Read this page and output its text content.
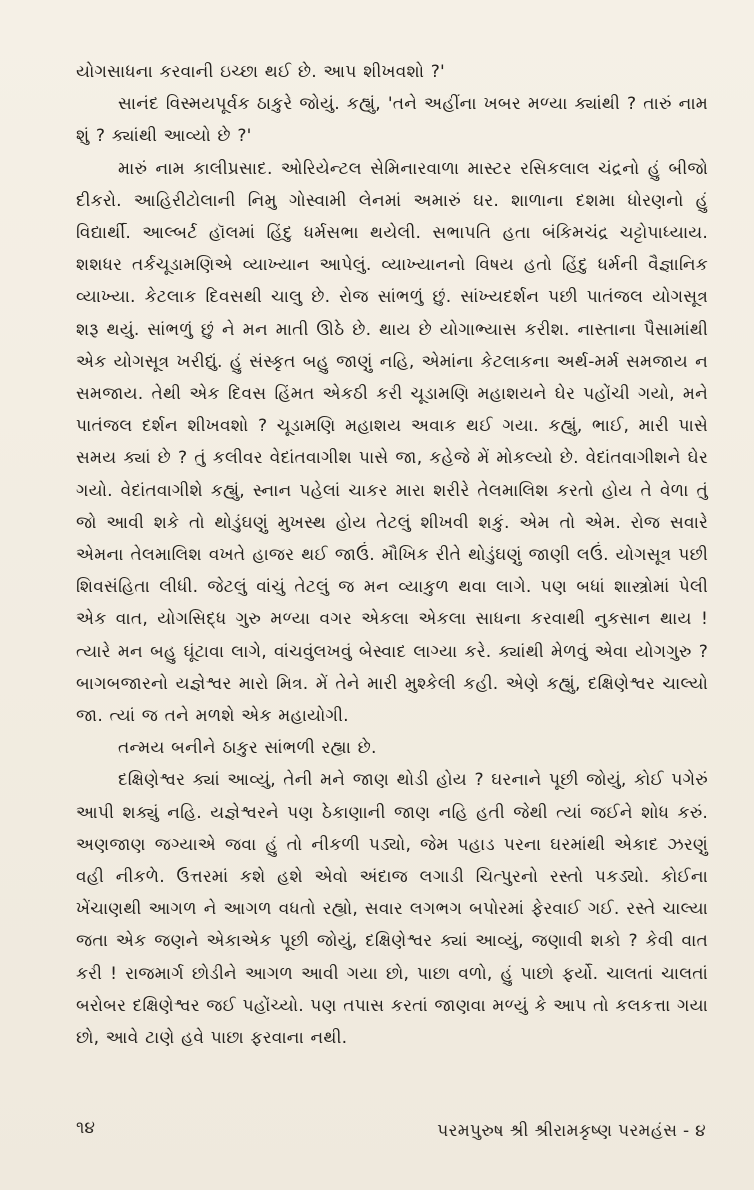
યોગસાધના કરવાની ઇચ્છા થઈ છે. આપ શીખવશો ?'

સાનંદ વિસ્મયપૂર્વક ઠાકુરે જોયું. કહ્યું, 'તને અહીંના ખબર મળ્યા ક્યાંથી ? તારું નામ શું ? ક્યાંથી આવ્યો છે ?'

મારું નામ કાલીપ્રસાદ. ઓરિયેન્ટલ સેમિનારવાળા માસ્ટર રસિકલાલ ચંદ્રનો હું બીજો દીકરો. આહિરીટોલાની નિમુ ગોસ્વામી લેનમાં અમારું ઘર. શાળાના દશમા ધોરણનો હું વિદ્યાર્થી. આલ્બર્ટ હૉલમાં હિંદુ ધર્મસભા થયેલી. સભાપતિ હતા બંકિમચંદ્ર ચટ્ટોપાધ્યાય. શશધર તર્કચૂડામણિએ વ્યાખ્યાન આપેલું. વ્યાખ્યાનનો વિષય હતો હિંદુ ધર્મની વૈજ્ઞાનિક વ્યાખ્યા. કેટલાક દિવસથી ચાલુ છે. રોજ સાંભળું છું. સાંખ્યદર્શન પછી પાતંજલ યોગસૂત્ર શરૂ થયું. સાંભળું છું ને મન માતી ઊઠે છે. થાય છે યોગાભ્યાસ કરીશ. નાસ્તાના પૈસામાંથી એક યોગસૂત્ર ખરીદ્યું. હું સંસ્કૃત બહુ જાણું નહિ, એમાંના કેટલાકના અર્થ-મર્મ સમજાય ન સમજાય. તેથી એક દિવસ હિંમત એકઠી કરી ચૂડામણિ મહાશયને ઘેર પહોંચી ગયો, મને પાતંજલ દર્શન શીખવશો ? ચૂડામણિ મહાશય અવાક થઈ ગયા. કહ્યું, ભાઈ, મારી પાસે સમય ક્યાં છે ? તું કલીવર વેદાંતવાગીશ પાસે જા, કહેજે મેં મોકલ્યો છે. વેદાંતવાગીશને ઘેર ગયો. વેદાંતવાગીશે કહ્યું, સ્નાન પહેલાં ચાકર મારા શરીરે તેલમાલિશ કરતો હોય તે વેળા તું જો આવી શકે તો થોડુંઘણું મુખસ્થ હોય તેટલું શીખવી શકું. એમ તો એમ. રોજ સવારે એમના તેલમાલિશ વખતે હાજર થઈ જાઉં. મૌખિક રીતે થોડુંઘણું જાણી લઉં. યોગસૂત્ર પછી શિવસંહિતા લીધી. જેટલું વાંચું તેટલું જ મન વ્યાકુળ થવા લાગે. પણ બધાં શાસ્ત્રોમાં પેલી એક વાત, યોગસિદ્ધ ગુરુ મળ્યા વગર એકલા એકલા સાધના કરવાથી નુકસાન થાય ! ત્યારે મન બહુ ઘૂંટાવા લાગે, વાંચવુંલખવું બેસ્વાદ લાગ્યા કરે. ક્યાંથી મેળવું એવા યોગગુરુ ? બાગબજારનો યજ્ઞેશ્વર મારો મિત્ર. મેં તેને મારી મુશ્કેલી કહી. એણે કહ્યું, દક્ષિણેશ્વર ચાલ્યો જા. ત્યાં જ તને મળશે એક મહાયોગી.

તન્મય બનીને ઠાકુર સાંભળી રહ્યા છે.

દક્ષિણેશ્વર ક્યાં આવ્યું, તેની મને જાણ થોડી હોય ? ઘરનાને પૂછી જોયું, કોઈ પગેરું આપી શક્યું નહિ. યજ્ઞેશ્વરને પણ ઠેકાણાની જાણ નહિ હતી જેથી ત્યાં જઈને શોધ કરું. અણજાણ જગ્યાએ જવા હું તો નીકળી પડ્યો, જેમ પહાડ પરના ઘરમાંથી એકાદ ઝરણું વહી નીકળે. ઉત્તરમાં કશે હશે એવો અંદાજ લગાડી ચિત્પુરનો રસ્તો પકડ્યો. કોઈના ખેંચાણથી આગળ ને આગળ વધતો રહ્યો, સવાર લગભગ બપોરમાં ફેરવાઈ ગઈ. રસ્તે ચાલ્યા જતા એક જણને એકાએક પૂછી જોયું, દક્ષિણેશ્વર ક્યાં આવ્યું, જણાવી શકો ? કેવી વાત કરી ! રાજમાર્ગ છોડીને આગળ આવી ગયા છો, પાછા વળો, હું પાછો ફર્યો. ચાલતાં ચાલતાં બરોબર દક્ષિણેશ્વર જઈ પહોંચ્યો. પણ તપાસ કરતાં જાણવા મળ્યું કે આપ તો કલકત્તા ગયા છો, આવે ટાણે હવે પાછા ફરવાના નથી.

૧૪	પરમપુરુષ શ્રી શ્રીરામકૃષ્ણ પરમહંસ - ૪
